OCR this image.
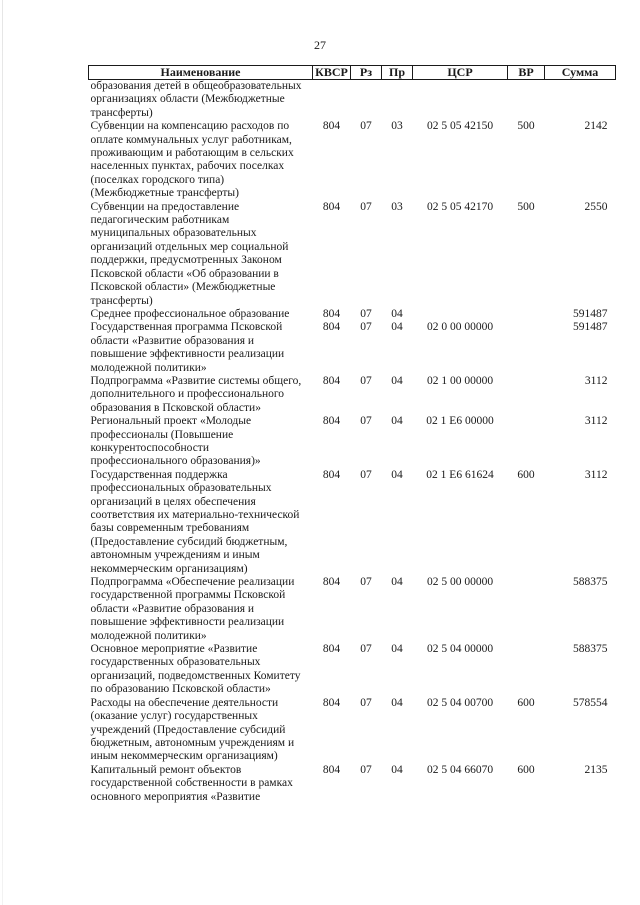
27
Наименование	КВСР	Рз	Пр	ЦСР	ВР	Сумма
образования детей в общеобразовательных организациях области (Межбюджетные трансферты)						
Субвенции на компенсацию расходов по оплате коммунальных услуг работникам, проживающим и работающим в сельских населенных пунктах, рабочих поселках (поселках городского типа) (Межбюджетные трансферты)	804	07	03	02 5 05 42150	500	2142
Субвенции на предоставление педагогическим работникам муниципальных образовательных организаций отдельных мер социальной поддержки, предусмотренных Законом Псковской области «Об образовании в Псковской области» (Межбюджетные трансферты)	804	07	03	02 5 05 42170	500	2550
Среднее профессиональное образование	804	07	04			591487
Государственная программа Псковской области «Развитие образования и повышение эффективности реализации молодежной политики»	804	07	04	02 0 00 00000		591487
Подпрограмма «Развитие системы общего, дополнительного и профессионального образования в Псковской области»	804	07	04	02 1 00 00000		3112
Региональный проект «Молодые профессионалы (Повышение конкурентоспособности профессионального образования)»	804	07	04	02 1 E6 00000		3112
Государственная поддержка профессиональных образовательных организаций в целях обеспечения соответствия их материально-технической базы современным требованиям (Предоставление субсидий бюджетным, автономным учреждениям и иным некоммерческим организациям)	804	07	04	02 1 E6 61624	600	3112
Подпрограмма «Обеспечение реализации государственной программы Псковской области «Развитие образования и повышение эффективности реализации молодежной политики»	804	07	04	02 5 00 00000		588375
Основное мероприятие «Развитие государственных образовательных организаций, подведомственных Комитету по образованию Псковской области»	804	07	04	02 5 04 00000		588375
Расходы на обеспечение деятельности (оказание услуг) государственных учреждений (Предоставление субсидий бюджетным, автономным учреждениям и иным некоммерческим организациям)	804	07	04	02 5 04 00700	600	578554
Капитальный ремонт объектов государственной собственности в рамках основного мероприятия «Развитие	804	07	04	02 5 04 66070	600	2135
